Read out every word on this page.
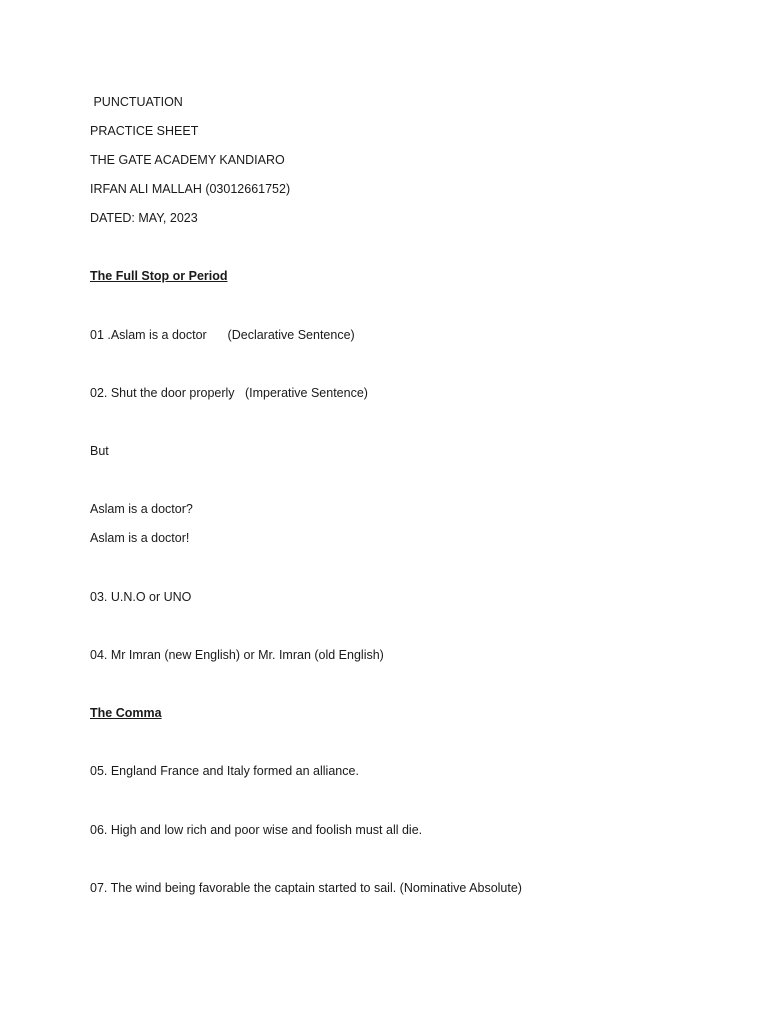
PUNCTUATION

PRACTICE SHEET

THE GATE ACADEMY KANDIARO

IRFAN ALI MALLAH (03012661752)

DATED: MAY, 2023

The Full Stop or Period

01 .Aslam is a doctor      (Declarative Sentence)

02. Shut the door properly   (Imperative Sentence)

But

Aslam is a doctor?

Aslam is a doctor!

03. U.N.O or UNO

04. Mr Imran (new English) or Mr. Imran (old English)

The Comma

05. England France and Italy formed an alliance.

06. High and low rich and poor wise and foolish must all die.

07. The wind being favorable the captain started to sail. (Nominative Absolute)
